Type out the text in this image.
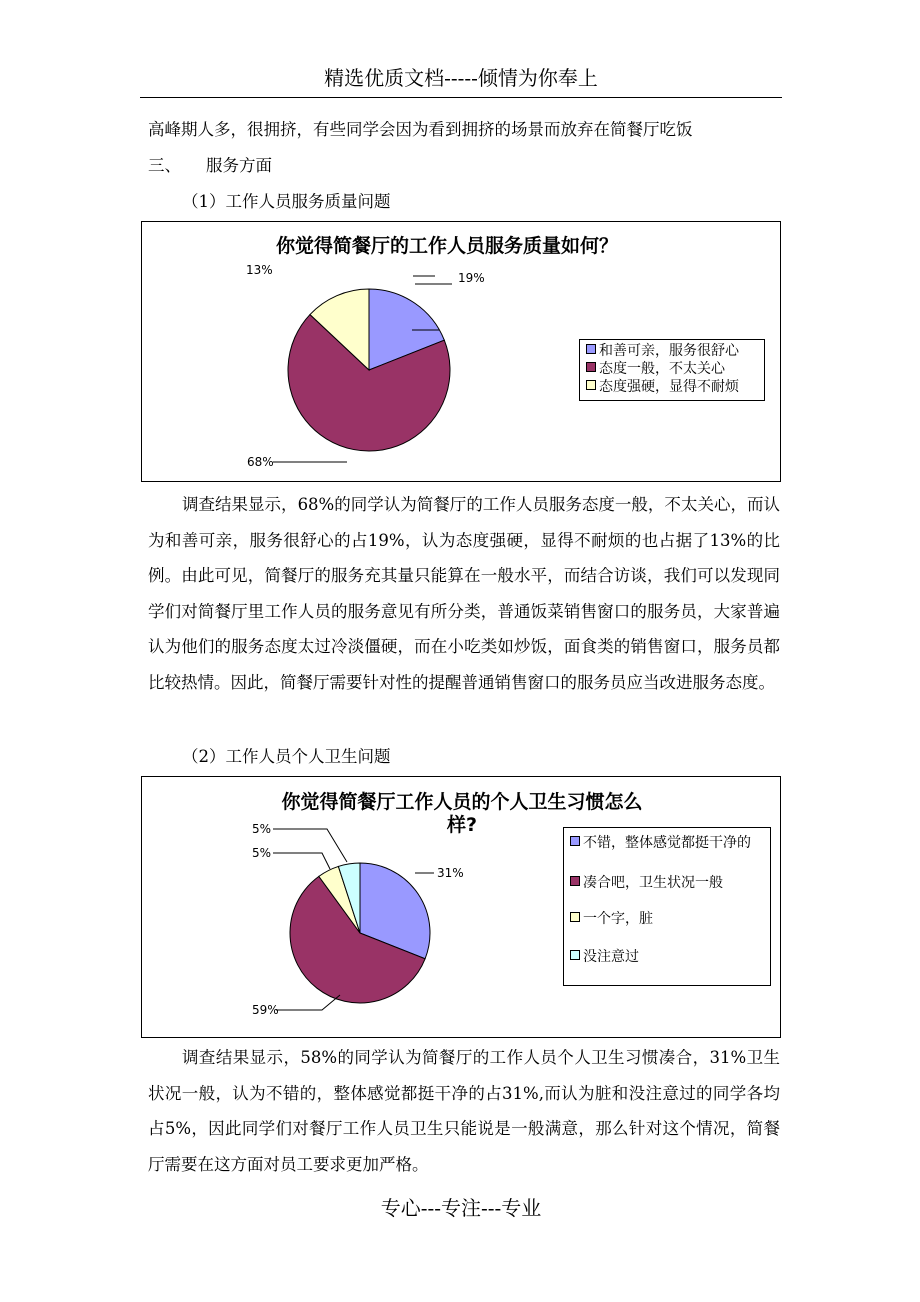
精选优质文档-----倾情为你奉上
高峰期人多，很拥挤，有些同学会因为看到拥挤的场景而放弃在简餐厅吃饭
三、 服务方面
（1）工作人员服务质量问题
你觉得简餐厅的工作人员服务质量如何？
13%
19%
68%
和善可亲，服务很舒心
态度一般，不太关心
态度强硬，显得不耐烦

调查结果显示，68%的同学认为简餐厅的工作人员服务态度一般，不太关心，而认为和善可亲，服务很舒心的占19%，认为态度强硬，显得不耐烦的也占据了13%的比例。由此可见，简餐厅的服务充其量只能算在一般水平，而结合访谈，我们可以发现同学们对简餐厅里工作人员的服务意见有所分类，普通饭菜销售窗口的服务员，大家普遍认为他们的服务态度太过冷淡僵硬，而在小吃类如炒饭，面食类的销售窗口，服务员都比较热情。因此，简餐厅需要针对性的提醒普通销售窗口的服务员应当改进服务态度。

（2）工作人员个人卫生问题
你觉得简餐厅工作人员的个人卫生习惯怎么
样?
5%
5%
31%
59%
不错，整体感觉都挺干净的
凑合吧，卫生状况一般
一个字，脏
没注意过

调查结果显示，58%的同学认为简餐厅的工作人员个人卫生习惯凑合，31%卫生状况一般，认为不错的，整体感觉都挺干净的占31%,而认为脏和没注意过的同学各均占5%，因此同学们对餐厅工作人员卫生只能说是一般满意，那么针对这个情况，简餐厅需要在这方面对员工要求更加严格。

专心---专注---专业
